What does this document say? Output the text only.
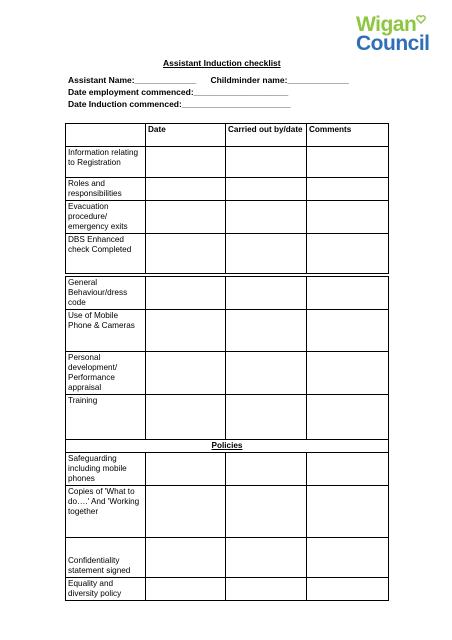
Wigan
Council
Assistant Induction checklist
Assistant Name:_____________ Childminder name:_____________
Date employment commenced:____________________
Date Induction commenced:_______________________
	Date	Carried out by/date	Comments
Information relating to Registration			
Roles and responsibilities			
Evacuation procedure/ emergency exits			
DBS Enhanced check Completed			
General Behaviour/dress code			
Use of Mobile Phone & Cameras			
Personal development/ Performance appraisal			
Training			
Policies			
Safeguarding including mobile phones			
Copies of 'What to do….' And 'Working together			
Confidentiality statement signed			
Equality and diversity policy			
